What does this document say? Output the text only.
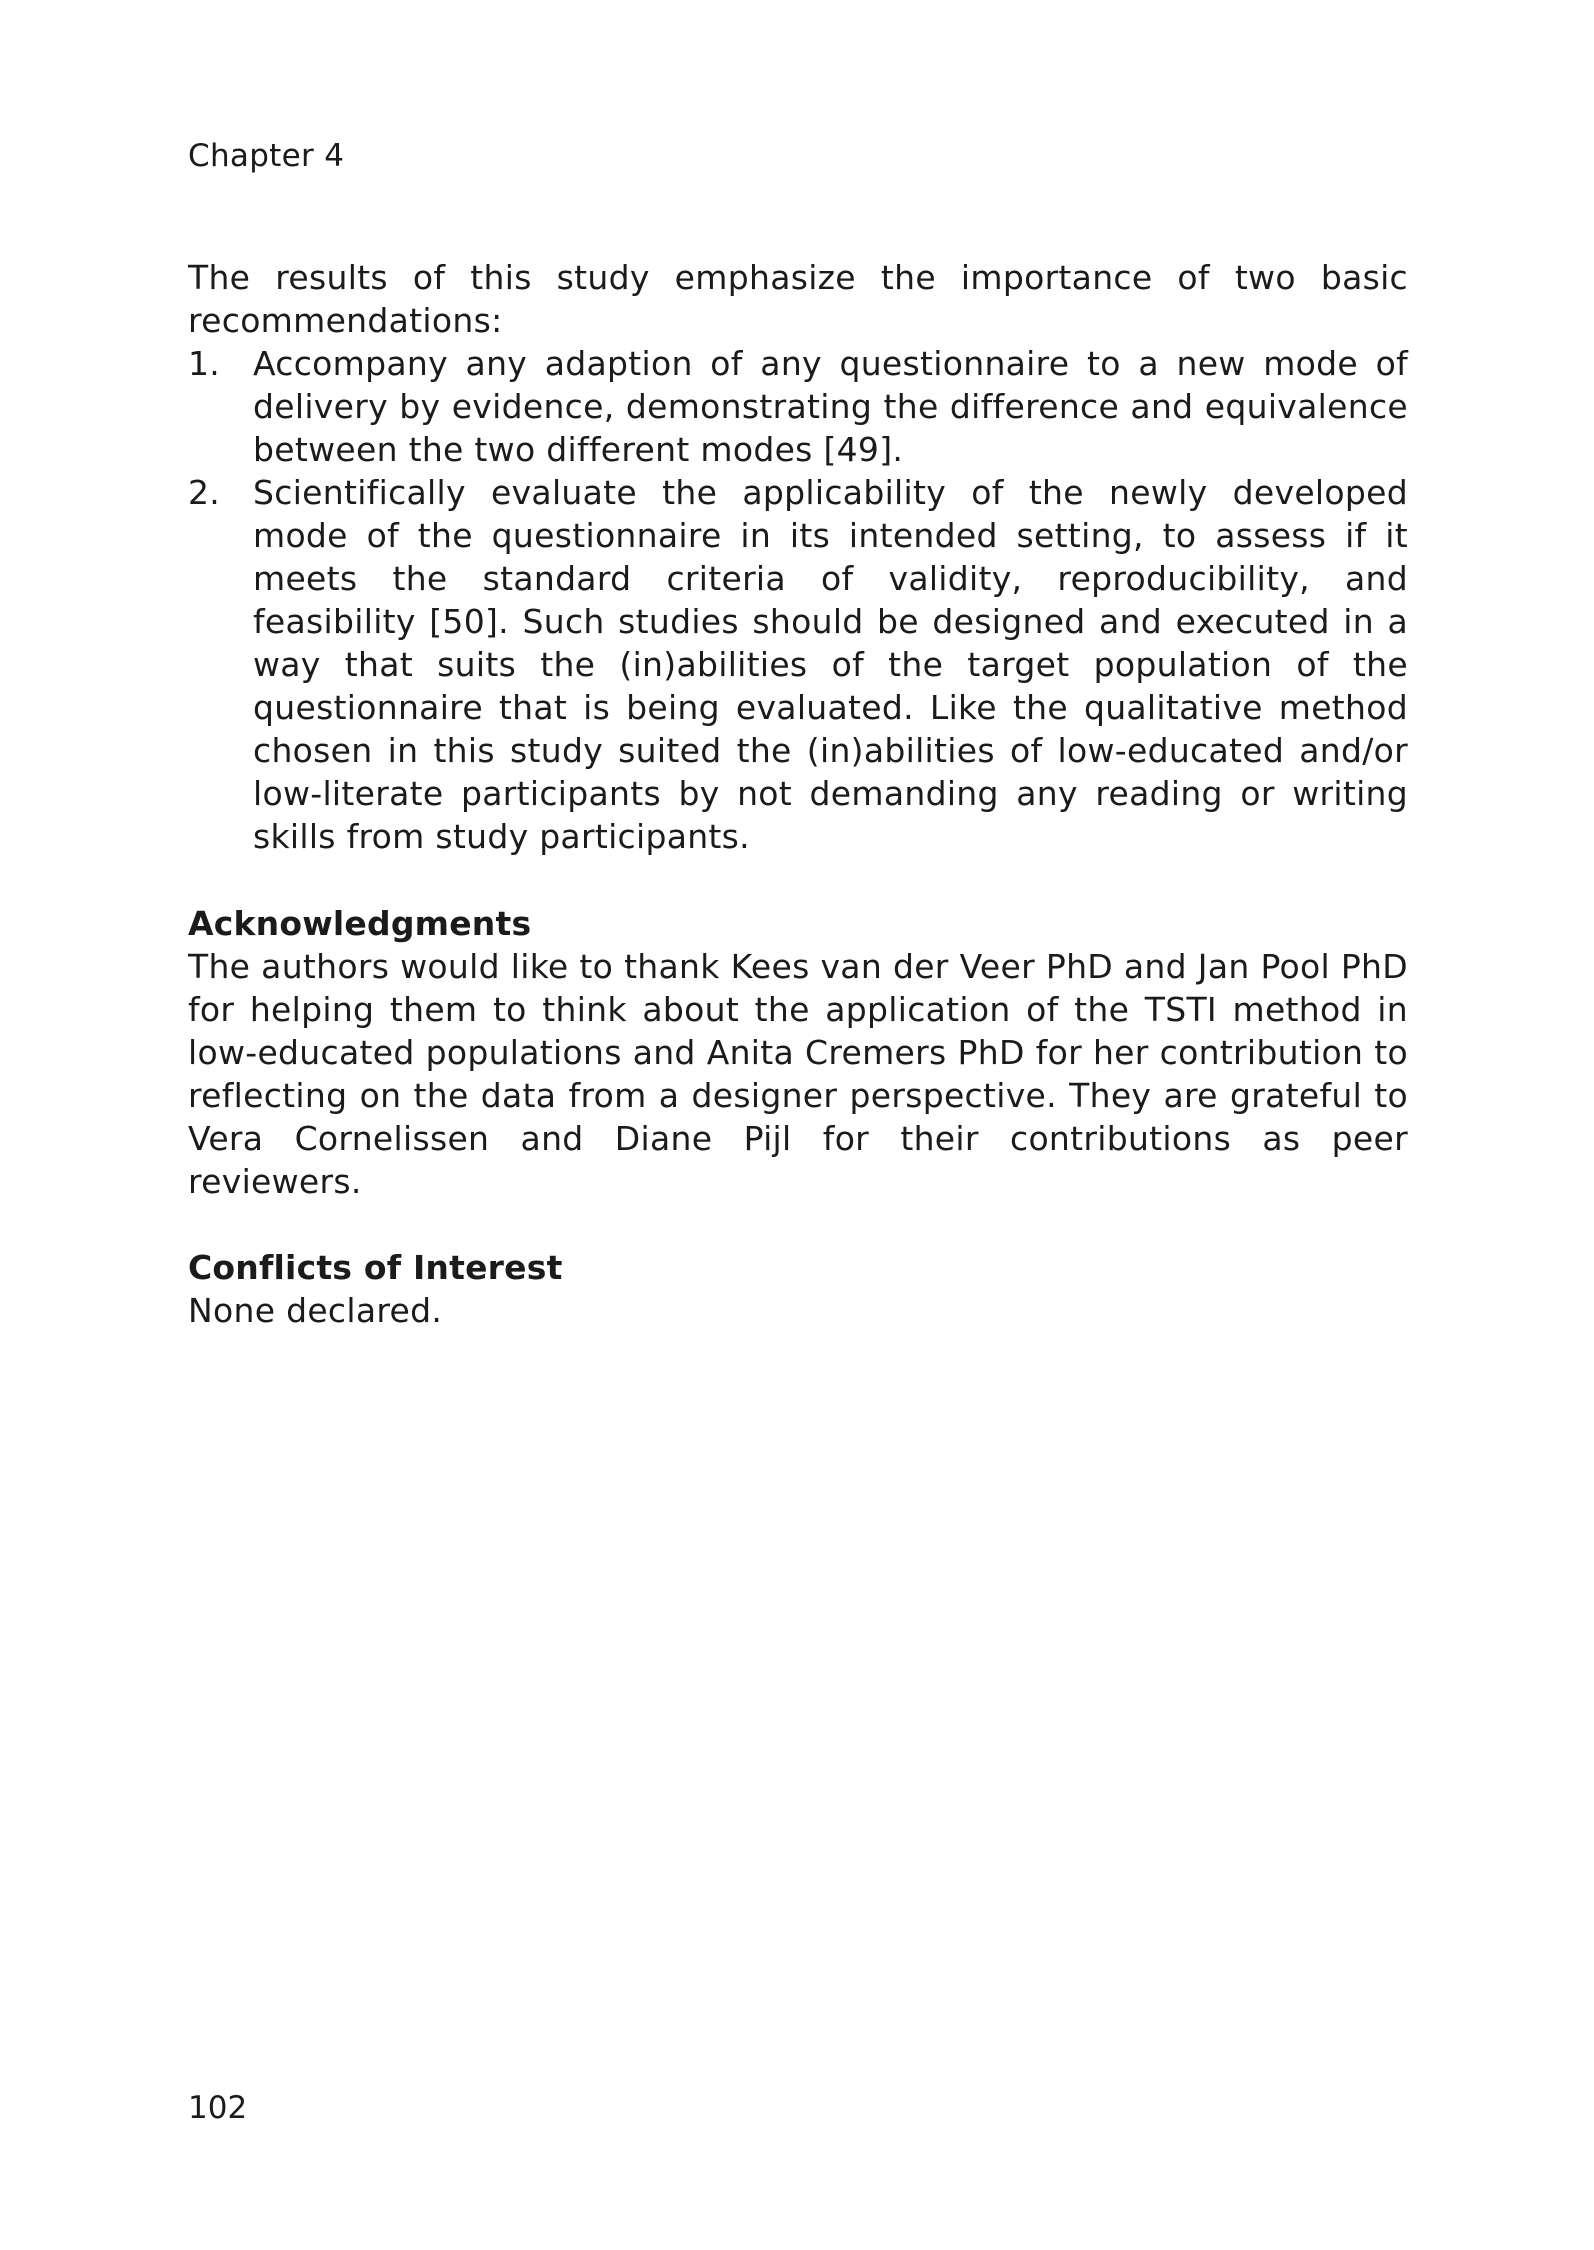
Chapter 4

The results of this study emphasize the importance of two basic recommendations:

1. Accompany any adaption of any questionnaire to a new mode of delivery by evidence, demonstrating the difference and equivalence between the two different modes [49].
2. Scientifically evaluate the applicability of the newly developed mode of the questionnaire in its intended setting, to assess if it meets the standard criteria of validity, reproducibility, and feasibility [50]. Such studies should be designed and executed in a way that suits the (in)abilities of the target population of the questionnaire that is being evaluated. Like the qualitative method chosen in this study suited the (in)abilities of low-educated and/or low-literate participants by not demanding any reading or writing skills from study participants.
Acknowledgments

The authors would like to thank Kees van der Veer PhD and Jan Pool PhD for helping them to think about the application of the TSTI method in low-educated populations and Anita Cremers PhD for her contribution to reflecting on the data from a designer perspective. They are grateful to Vera Cornelissen and Diane Pijl for their contributions as peer reviewers.

Conflicts of Interest

None declared.

102
